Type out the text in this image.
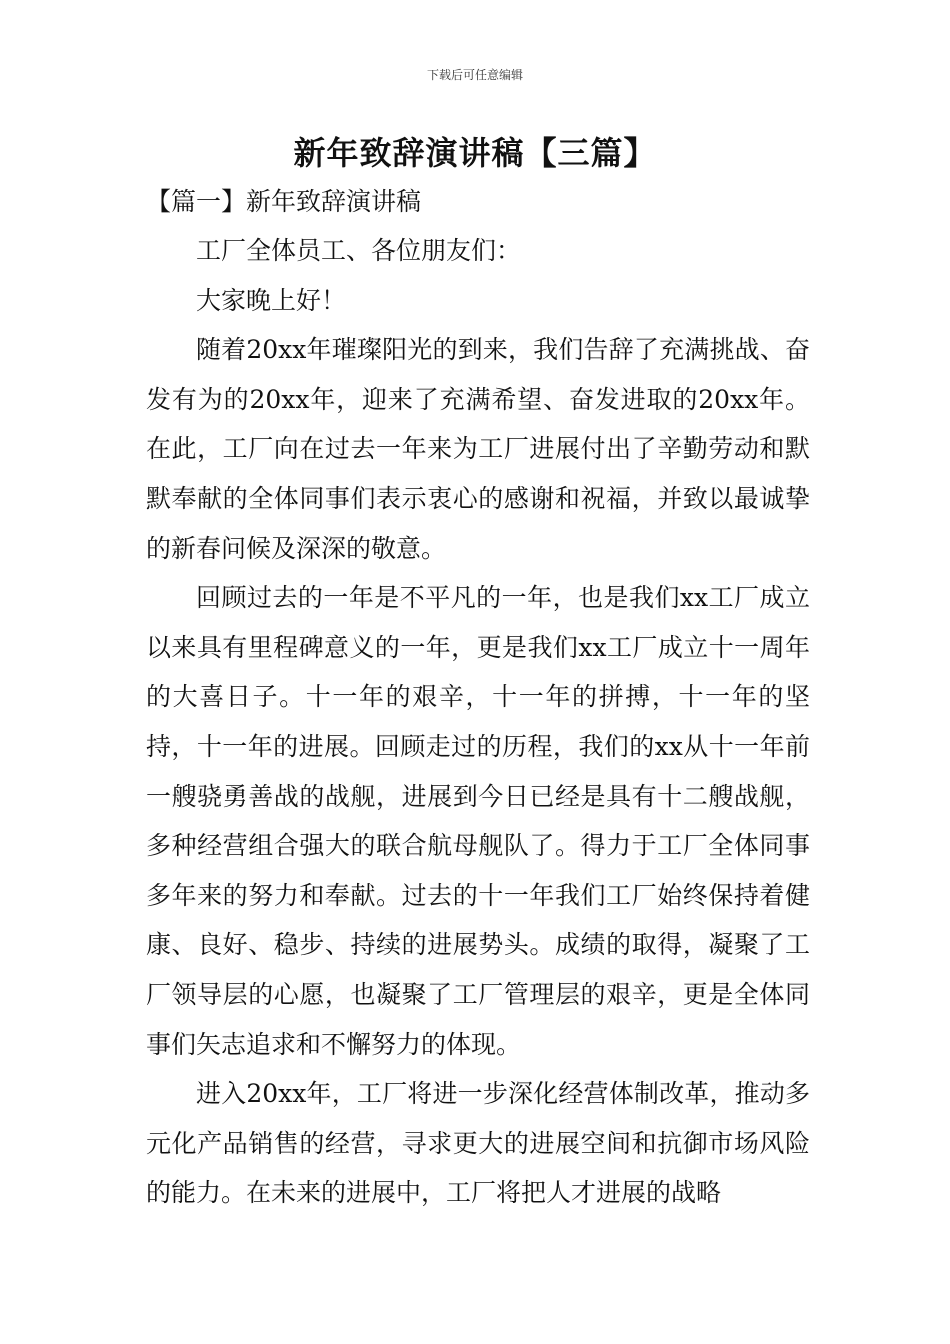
下载后可任意编辑
新年致辞演讲稿【三篇】
【篇一】新年致辞演讲稿

工厂全体员工、各位朋友们：

大家晚上好！

随着20xx年璀璨阳光的到来，我们告辞了充满挑战、奋发有为的20xx年，迎来了充满希望、奋发进取的20xx年。在此，工厂向在过去一年来为工厂进展付出了辛勤劳动和默默奉献的全体同事们表示衷心的感谢和祝福，并致以最诚挚的新春问候及深深的敬意。

回顾过去的一年是不平凡的一年，也是我们xx工厂成立以来具有里程碑意义的一年，更是我们xx工厂成立十一周年的大喜日子。十一年的艰辛，十一年的拼搏，十一年的坚持，十一年的进展。回顾走过的历程，我们的xx从十一年前一艘骁勇善战的战舰，进展到今日已经是具有十二艘战舰，多种经营组合强大的联合航母舰队了。得力于工厂全体同事多年来的努力和奉献。过去的十一年我们工厂始终保持着健康、良好、稳步、持续的进展势头。成绩的取得，凝聚了工厂领导层的心愿，也凝聚了工厂管理层的艰辛，更是全体同事们矢志追求和不懈努力的体现。

进入20xx年，工厂将进一步深化经营体制改革，推动多元化产品销售的经营，寻求更大的进展空间和抗御市场风险的能力。在未来的进展中，工厂将把人才进展的战略
